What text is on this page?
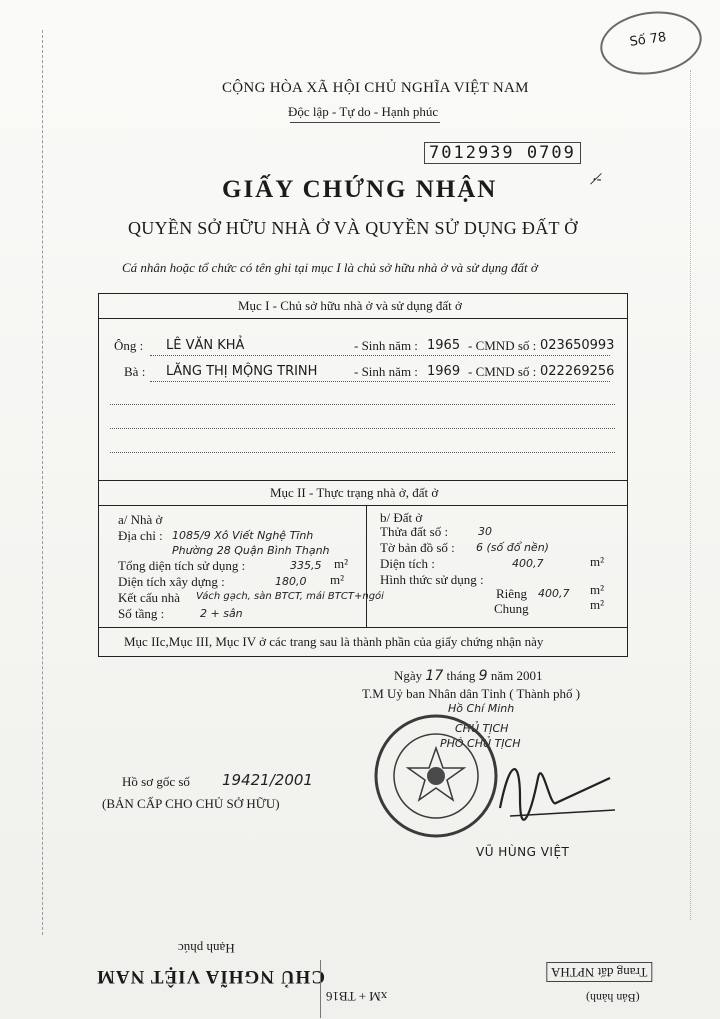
Số 78
CỘNG HÒA XÃ HỘI CHỦ NGHĨA VIỆT NAM
Độc lập - Tự do - Hạnh phúc
7012939 0709
GIẤY CHỨNG NHẬN
QUYỀN SỞ HỮU NHÀ Ở VÀ QUYỀN SỬ DỤNG ĐẤT Ở
Cá nhân hoặc tổ chức có tên ghi tại mục I là chủ sở hữu nhà ở và sử dụng đất ở
Mục I - Chủ sở hữu nhà ở và sử dụng đất ở
Ông : LÊ VĂN KHẢ	- Sinh năm : 1965 - CMND số : 023650993
Bà : LĂNG THỊ MỘNG TRINH	- Sinh năm : 1969 - CMND số : 022269256
Mục II - Thực trạng nhà ở, đất ở
a/ Nhà ở
Địa chỉ : 1085/9 Xô Viết Nghệ Tĩnh
Phường 28 Quận Bình Thạnh
Tổng diện tích sử dụng :	335,5 m²
Diện tích xây dựng :	180,0 m²
Kết cấu nhà Vách gạch, sàn BTCT, mái BTCT+ngói
Số tầng :	2 + sân
b/ Đất ở
Thửa đất số :	30
Tờ bản đồ số : 6 (số đổ nền)
Diện tích :	400,7	m²
Hình thức sử dụng :
Riêng 400,7 m²
Chung	m²
Mục IIc,Mục III, Mục IV ở các trang sau là thành phần của giấy chứng nhận này
Ngày 17 tháng 9 năm 2001
T.M Uỷ ban Nhân dân Tỉnh ( Thành phố )
Hồ Chí Minh
CHỦ TỊCH
PHÓ CHỦ TỊCH
VŨ HÙNG VIỆT
Hồ sơ gốc số 19421/2001
(BẢN CẤP CHO CHỦ SỞ HỮU)
·-̸
CHỦ NGHĨA VIỆT NAM
Hạnh phúc
xM + TB16
Trang đất NPTHA
(Bản hành)
